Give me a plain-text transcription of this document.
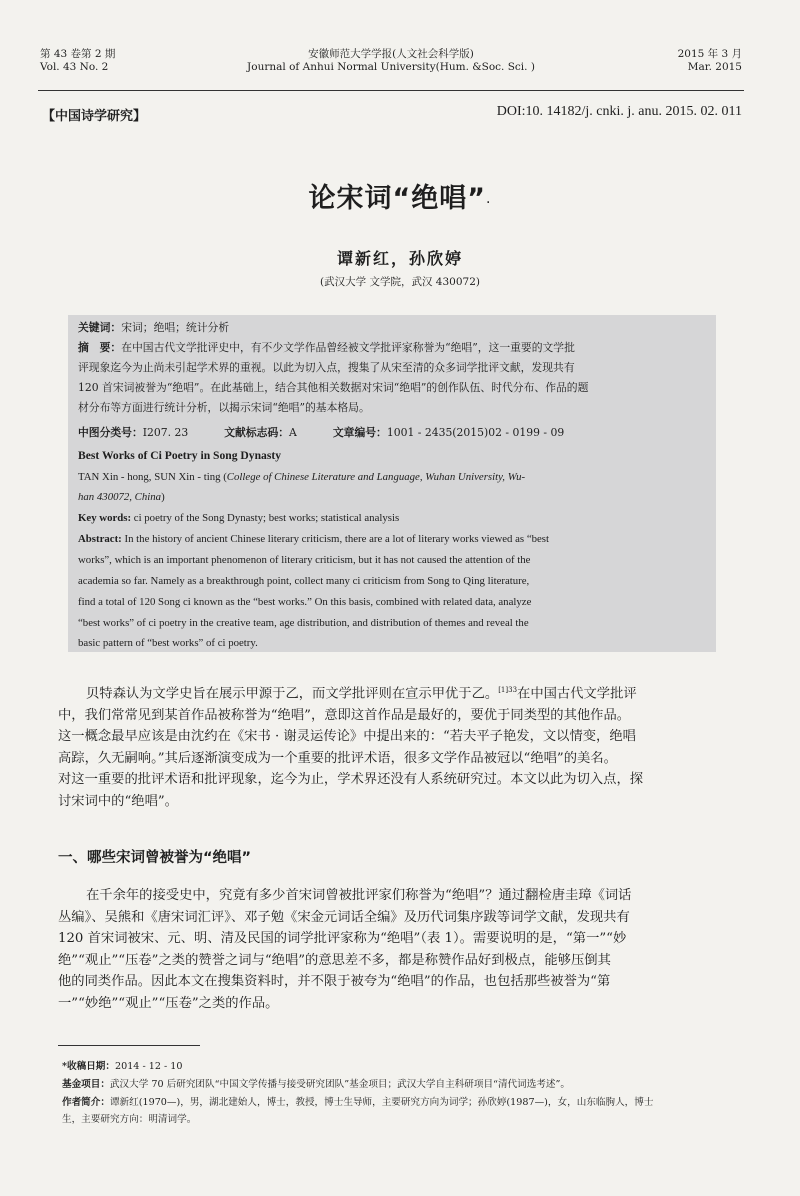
第 43 卷第 2 期
Vol. 43 No. 2
安徽师范大学学报(人文社会科学版)
Journal of Anhui Normal University(Hum. &Soc. Sci. )
2015 年 3 月
Mar. 2015
【中国诗学研究】	DOI:10. 14182/j. cnki. j. anu. 2015. 02. 011
论宋词“绝唱”·
谭新红，孙欣婷
(武汉大学 文学院，武汉 430072)
关键词：宋词；绝唱；统计分析
摘　要：在中国古代文学批评史中，有不少文学作品曾经被文学批评家称誉为“绝唱”，这一重要的文学批
评现象迄今为止尚未引起学术界的重视。以此为切入点，搜集了从宋至清的众多词学批评文献，发现共有
120 首宋词被誉为“绝唱”。在此基础上，结合其他相关数据对宋词“绝唱”的创作队伍、时代分布、作品的题
材分布等方面进行统计分析，以揭示宋词“绝唱”的基本格局。
中图分类号：I207. 23	文献标志码：A	文章编号：1001 - 2435(2015)02 - 0199 - 09
Best Works of Ci Poetry in Song Dynasty
TAN Xin - hong, SUN Xin - ting (College of Chinese Literature and Language, Wuhan University, Wu-
han 430072, China)
Key words: ci poetry of the Song Dynasty; best works; statistical analysis
Abstract: In the history of ancient Chinese literary criticism, there are a lot of literary works viewed as “best
works”, which is an important phenomenon of literary criticism, but it has not caused the attention of the
academia so far. Namely as a breakthrough point, collect many ci criticism from Song to Qing literature,
find a total of 120 Song ci known as the “best works.” On this basis, combined with related data, analyze
“best works” of ci poetry in the creative team, age distribution, and distribution of themes and reveal the
basic pattern of “best works” of ci poetry.
贝特森认为文学史旨在展示甲源于乙，而文学批评则在宣示甲优于乙。$^{[1]33}$在中国古代文学批评
中，我们常常见到某首作品被称誉为“绝唱”，意即这首作品是最好的，要优于同类型的其他作品。
这一概念最早应该是由沈约在《宋书 · 谢灵运传论》中提出来的：“若夫平子艳发，文以情变，绝唱
高踪，久无嗣响。”其后逐渐演变成为一个重要的批评术语，很多文学作品被冠以“绝唱”的美名。
对这一重要的批评术语和批评现象，迄今为止，学术界还没有人系统研究过。本文以此为切入点，探
讨宋词中的“绝唱”。
一、哪些宋词曾被誉为“绝唱”
在千余年的接受史中，究竟有多少首宋词曾被批评家们称誉为“绝唱”？通过翻检唐圭璋《词话
丛编》、吴熊和《唐宋词汇评》、邓子勉《宋金元词话全编》及历代词集序跋等词学文献，发现共有
120 首宋词被宋、元、明、清及民国的词学批评家称为“绝唱”（表 1）。需要说明的是，“第一”“妙
绝”“观止”“压卷”之类的赞誉之词与“绝唱”的意思差不多，都是称赞作品好到极点，能够压倒其
他的同类作品。因此本文在搜集资料时，并不限于被夸为“绝唱”的作品，也包括那些被誉为“第
一”“妙绝”“观止”“压卷”之类的作品。
*收稿日期：2014 - 12 - 10
基金项目：武汉大学 70 后研究团队“中国文学传播与接受研究团队”基金项目；武汉大学自主科研项目“清代词选考述”。
作者简介：谭新红(1970—)，男，湖北建始人，博士，教授，博士生导师，主要研究方向为词学；孙欣婷(1987—)，女，山东临朐人，博士
生，主要研究方向：明清词学。
